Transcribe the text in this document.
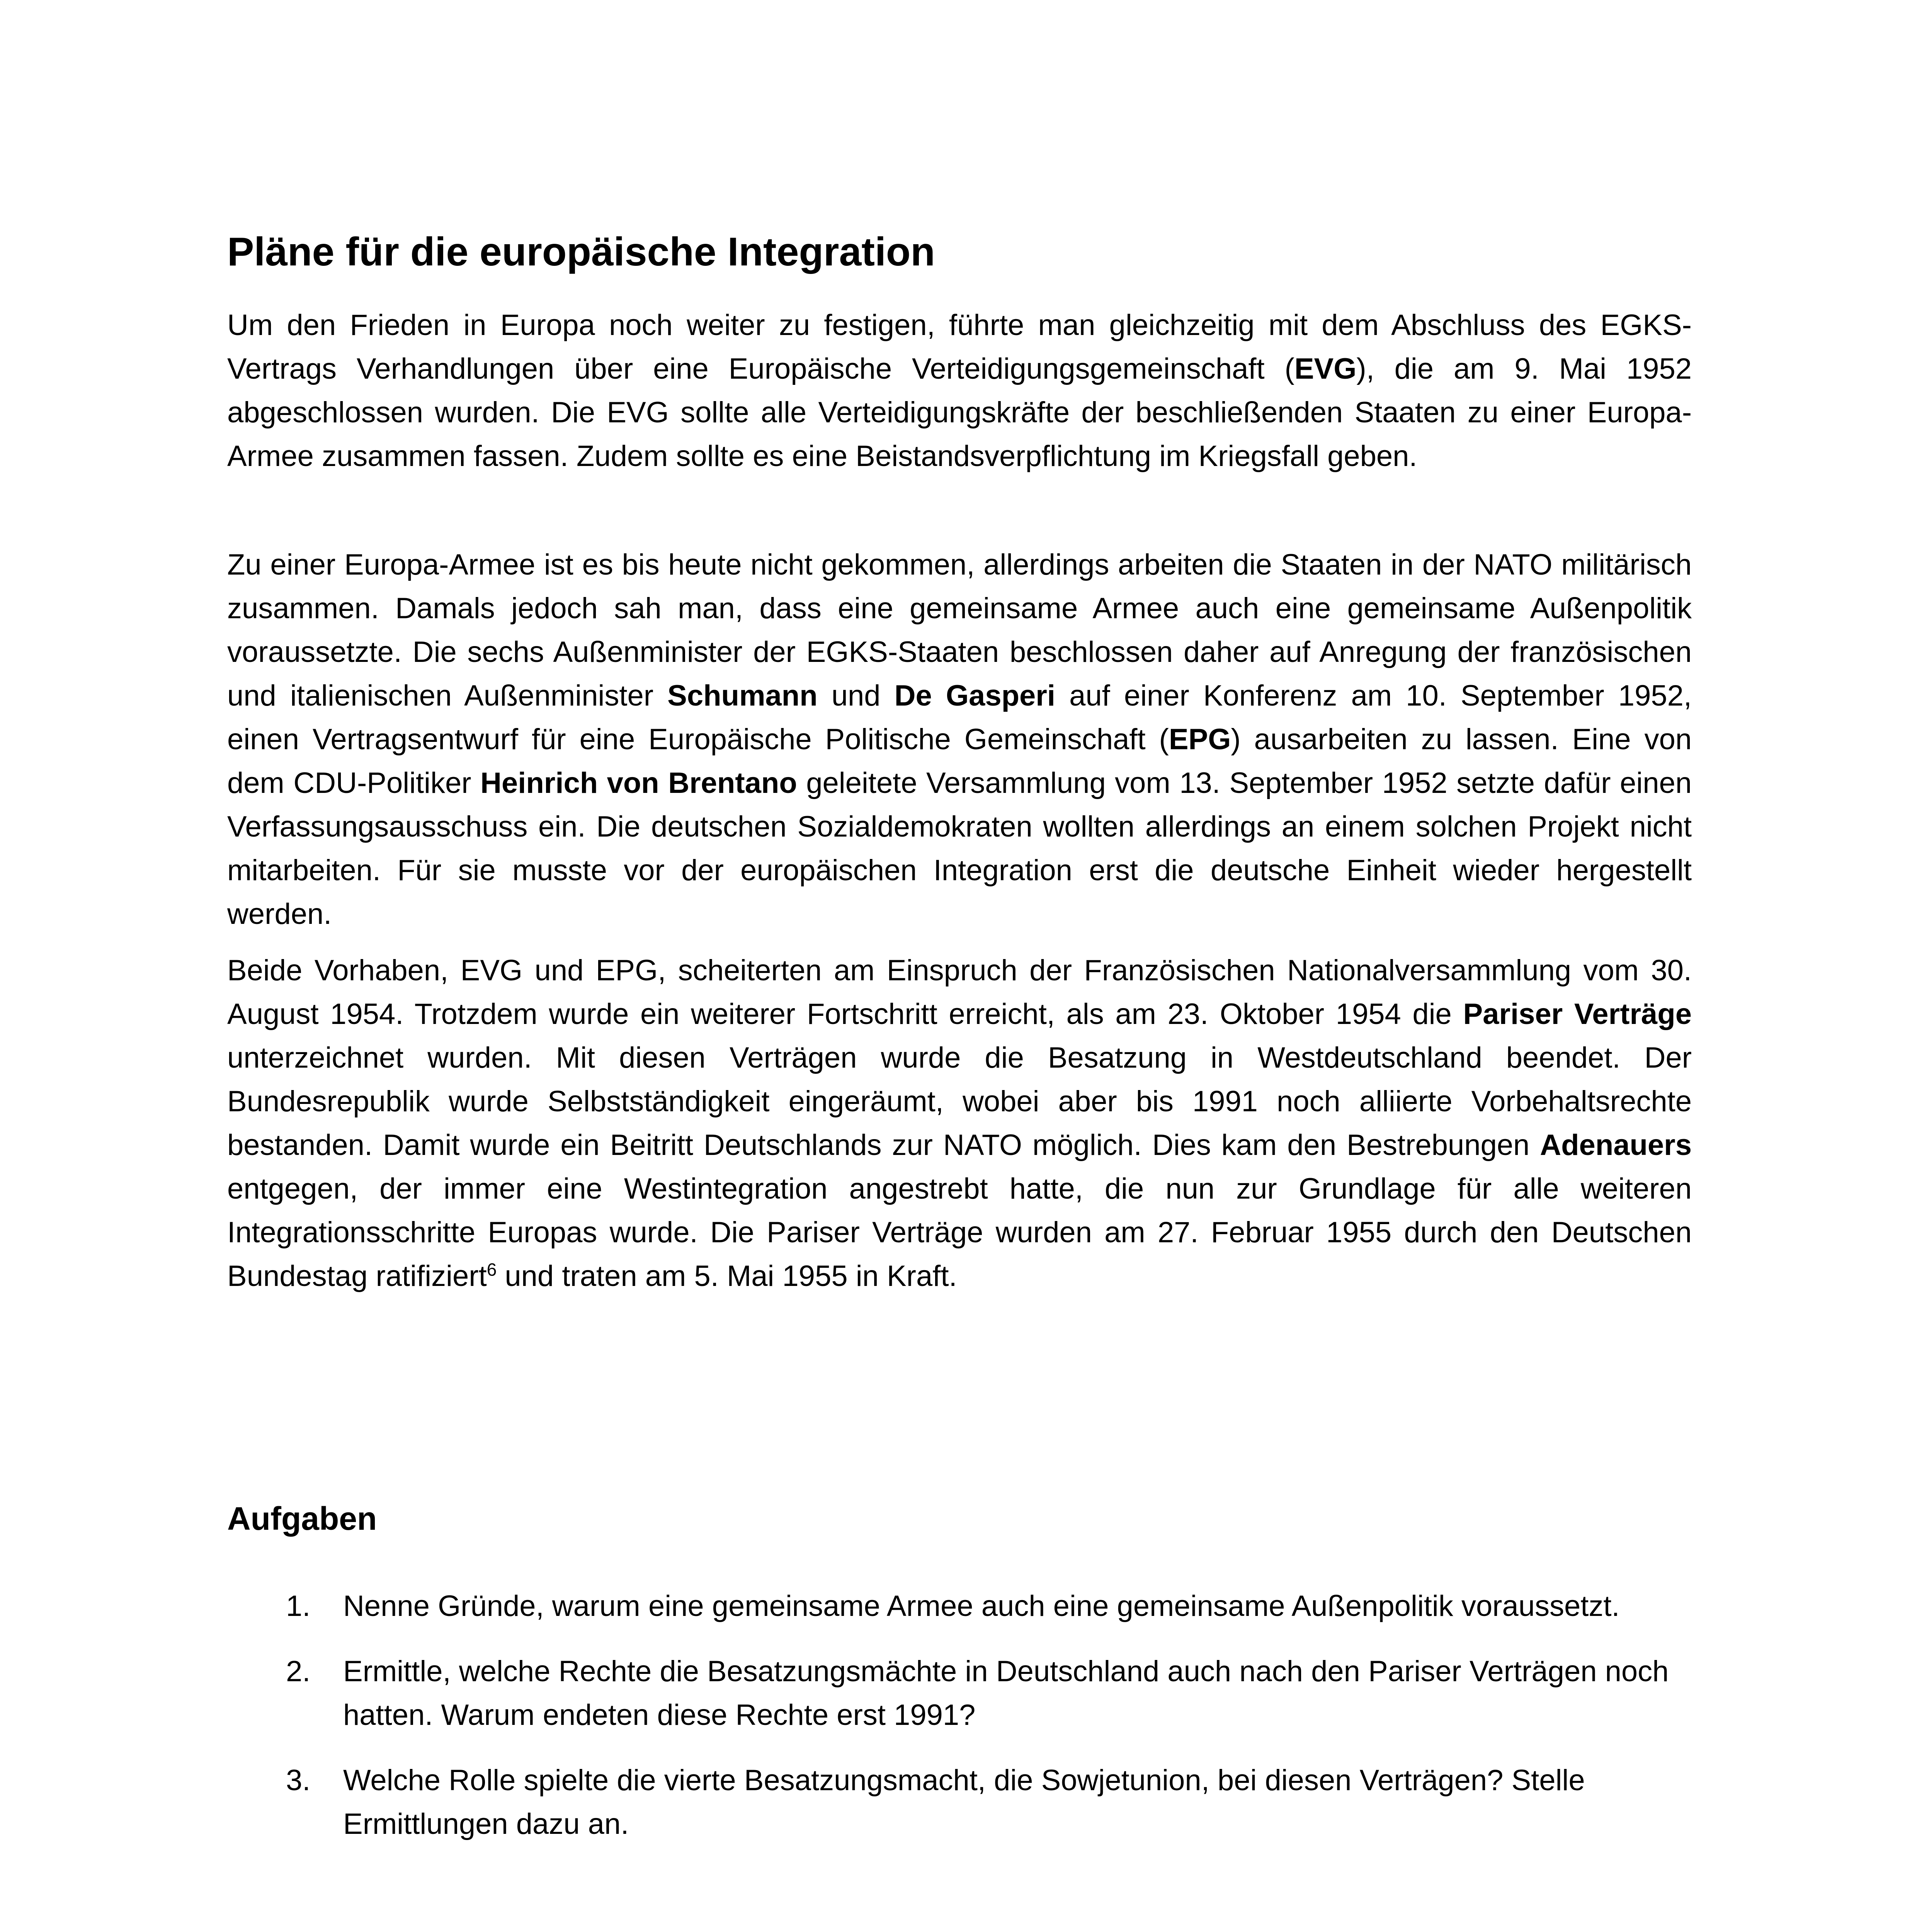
Pläne für die europäische Integration

Um den Frieden in Europa noch weiter zu festigen, führte man gleichzeitig mit dem Abschluss des EGKS-Vertrags Verhandlungen über eine Europäische Verteidigungsgemeinschaft (EVG), die am 9. Mai 1952 abgeschlossen wurden. Die EVG sollte alle Verteidigungskräfte der beschließenden Staaten zu einer Europa-Armee zusammen fassen. Zudem sollte es eine Beistandsverpflichtung im Kriegsfall geben.

Zu einer Europa-Armee ist es bis heute nicht gekommen, allerdings arbeiten die Staaten in der NATO militärisch zusammen. Damals jedoch sah man, dass eine gemeinsame Armee auch eine gemeinsame Außenpolitik voraussetzte. Die sechs Außenminister der EGKS-Staaten beschlossen daher auf Anregung der französischen und italienischen Außenminister Schumann und De Gasperi auf einer Konferenz am 10. September 1952, einen Vertragsentwurf für eine Europäische Politische Gemeinschaft (EPG) ausarbeiten zu lassen. Eine von dem CDU-Politiker Heinrich von Brentano geleitete Versammlung vom 13. September 1952 setzte dafür einen Verfassungsausschuss ein. Die deutschen Sozialdemokraten wollten allerdings an einem solchen Projekt nicht mitarbeiten. Für sie musste vor der europäischen Integration erst die deutsche Einheit wieder hergestellt werden.

Beide Vorhaben, EVG und EPG, scheiterten am Einspruch der Französischen Nationalversammlung vom 30. August 1954. Trotzdem wurde ein weiterer Fortschritt erreicht, als am 23. Oktober 1954 die Pariser Verträge unterzeichnet wurden. Mit diesen Verträgen wurde die Besatzung in Westdeutschland beendet. Der Bundesrepublik wurde Selbstständigkeit eingeräumt, wobei aber bis 1991 noch alliierte Vorbehaltsrechte bestanden. Damit wurde ein Beitritt Deutschlands zur NATO möglich. Dies kam den Bestrebungen Adenauers entgegen, der immer eine Westintegration angestrebt hatte, die nun zur Grundlage für alle weiteren Integrationsschritte Europas wurde. Die Pariser Verträge wurden am 27. Februar 1955 durch den Deutschen Bundestag ratifiziert$^6$ und traten am 5. Mai 1955 in Kraft.

Aufgaben
1. Nenne Gründe, warum eine gemeinsame Armee auch eine gemeinsame Außenpolitik voraussetzt.
2. Ermittle, welche Rechte die Besatzungsmächte in Deutschland auch nach den Pariser Verträgen noch hatten. Warum endeten diese Rechte erst 1991?
3. Welche Rolle spielte die vierte Besatzungsmacht, die Sowjetunion, bei diesen Verträgen? Stelle Ermittlungen dazu an.
